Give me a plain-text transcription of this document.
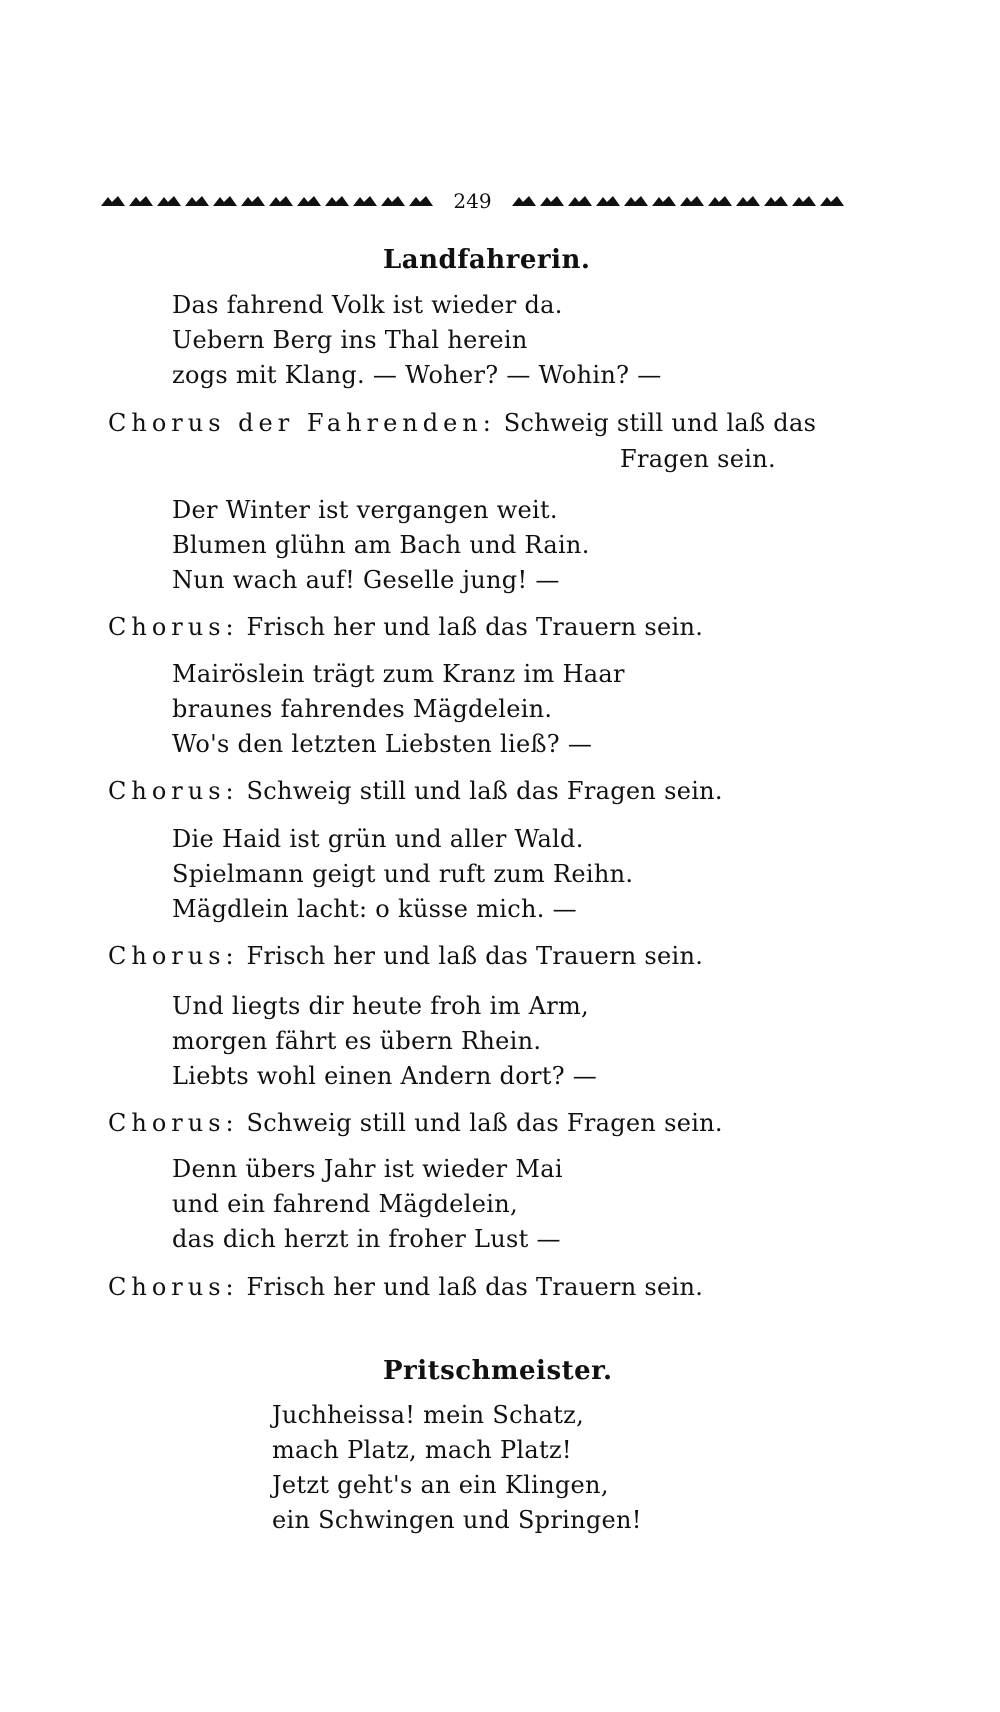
249
Landfahrerin.
Das fahrend Volk ist wieder da.
Uebern Berg ins Thal herein
zogs mit Klang. — Woher? — Wohin? —
Chorus der Fahrenden: Schweig still und laß das
Fragen sein.
Der Winter ist vergangen weit.
Blumen glühn am Bach und Rain.
Nun wach auf! Geselle jung! —
Chorus: Frisch her und laß das Trauern sein.
Mairöslein trägt zum Kranz im Haar
braunes fahrendes Mägdelein.
Wo's den letzten Liebsten ließ? —
Chorus: Schweig still und laß das Fragen sein.
Die Haid ist grün und aller Wald.
Spielmann geigt und ruft zum Reihn.
Mägdlein lacht: o küsse mich. —
Chorus: Frisch her und laß das Trauern sein.
Und liegts dir heute froh im Arm,
morgen fährt es übern Rhein.
Liebts wohl einen Andern dort? —
Chorus: Schweig still und laß das Fragen sein.
Denn übers Jahr ist wieder Mai
und ein fahrend Mägdelein,
das dich herzt in froher Lust —
Chorus: Frisch her und laß das Trauern sein.
Pritschmeister.
Juchheissa! mein Schatz,
mach Platz, mach Platz!
Jetzt geht's an ein Klingen,
ein Schwingen und Springen!
